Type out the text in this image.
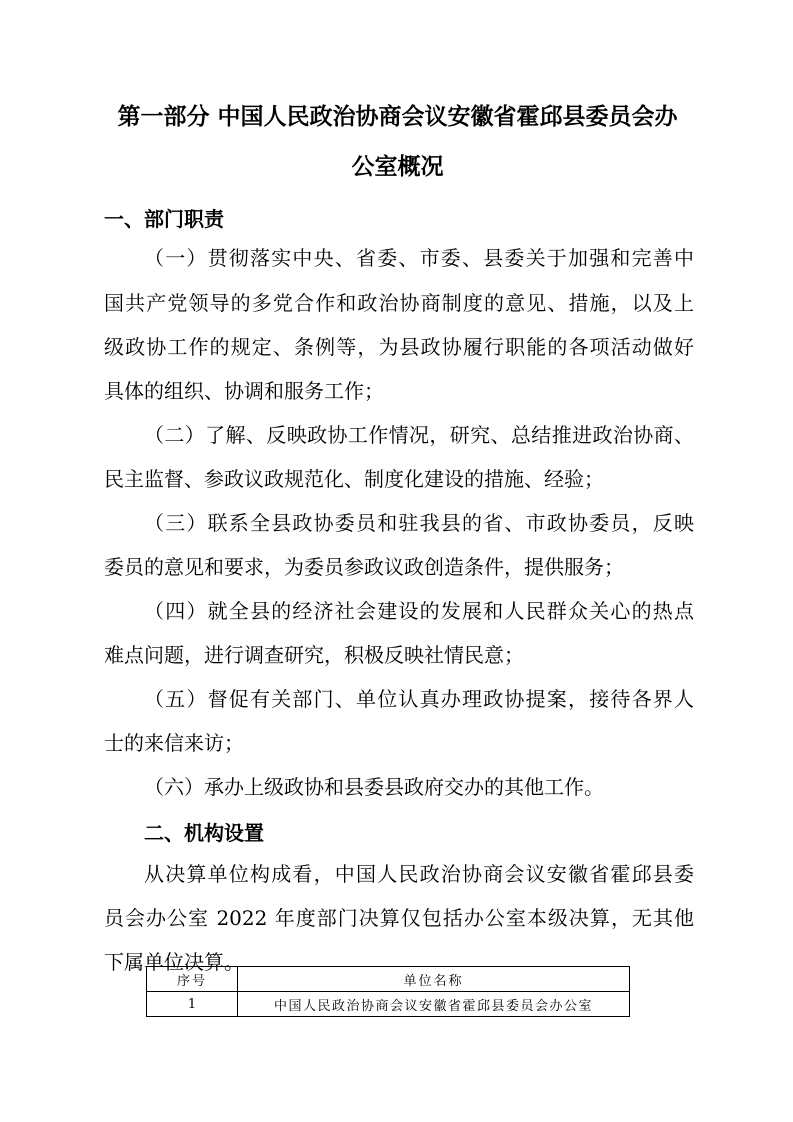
第一部分 中国人民政治协商会议安徽省霍邱县委员会办
公室概况
一、部门职责
（一）贯彻落实中央、省委、市委、县委关于加强和完善中
国共产党领导的多党合作和政治协商制度的意见、措施，以及上
级政协工作的规定、条例等，为县政协履行职能的各项活动做好
具体的组织、协调和服务工作；
（二）了解、反映政协工作情况，研究、总结推进政治协商、
民主监督、参政议政规范化、制度化建设的措施、经验；
（三）联系全县政协委员和驻我县的省、市政协委员，反映
委员的意见和要求，为委员参政议政创造条件，提供服务；
（四）就全县的经济社会建设的发展和人民群众关心的热点
难点问题，进行调查研究，积极反映社情民意；
（五）督促有关部门、单位认真办理政协提案，接待各界人
士的来信来访；
（六）承办上级政协和县委县政府交办的其他工作。
二、机构设置
从决算单位构成看，中国人民政治协商会议安徽省霍邱县委
员会办公室 2022 年度部门决算仅包括办公室本级决算，无其他
下属单位决算。
序号	单位名称
1	中国人民政治协商会议安徽省霍邱县委员会办公室
